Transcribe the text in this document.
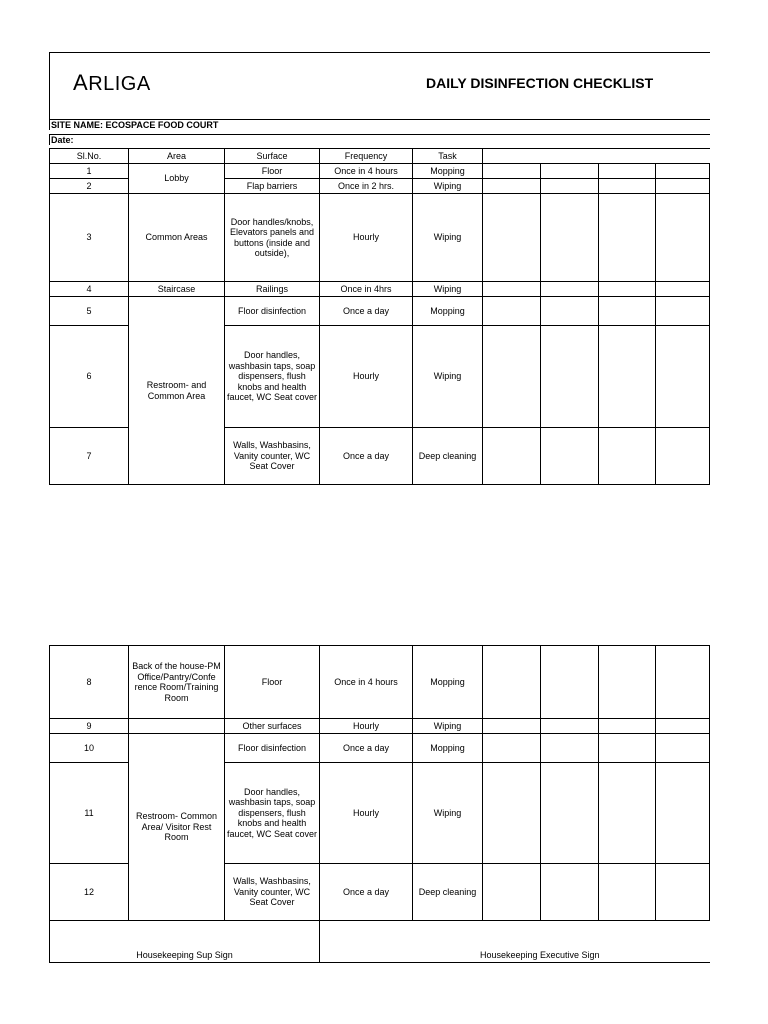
ARLIGA	DAILY DISINFECTION CHECKLIST
SITE NAME: ECOSPACE FOOD COURT
Date:
Sl.No.	Area	Surface	Frequency	Task	
1	Lobby	Floor	Once in 4 hours	Mopping					
2		Flap barriers	Once in 2 hrs.	Wiping					
3	Common Areas	Door handles/knobs, Elevators panels and buttons (inside and outside),	Hourly	Wiping					
4	Staircase	Railings	Once in 4hrs	Wiping					
5	Restroom- and Common Area	Floor disinfection	Once a day	Mopping					
6		Door handles, washbasin taps, soap dispensers, flush knobs and health faucet, WC Seat cover	Hourly	Wiping					
7		Walls, Washbasins, Vanity counter, WC Seat Cover	Once a day	Deep cleaning					
8	Back of the house-PM Office/Pantry/Confe rence Room/Training Room	Floor	Once in 4 hours	Mopping					
9		Other surfaces	Hourly	Wiping					
10	Restroom- Common Area/ Visitor Rest Room	Floor disinfection	Once a day	Mopping					
11		Door handles, washbasin taps, soap dispensers, flush knobs and health faucet, WC Seat cover	Hourly	Wiping					
12		Walls, Washbasins, Vanity counter, WC Seat Cover	Once a day	Deep cleaning					
Housekeeping Sup Sign			Housekeeping Executive Sign						
